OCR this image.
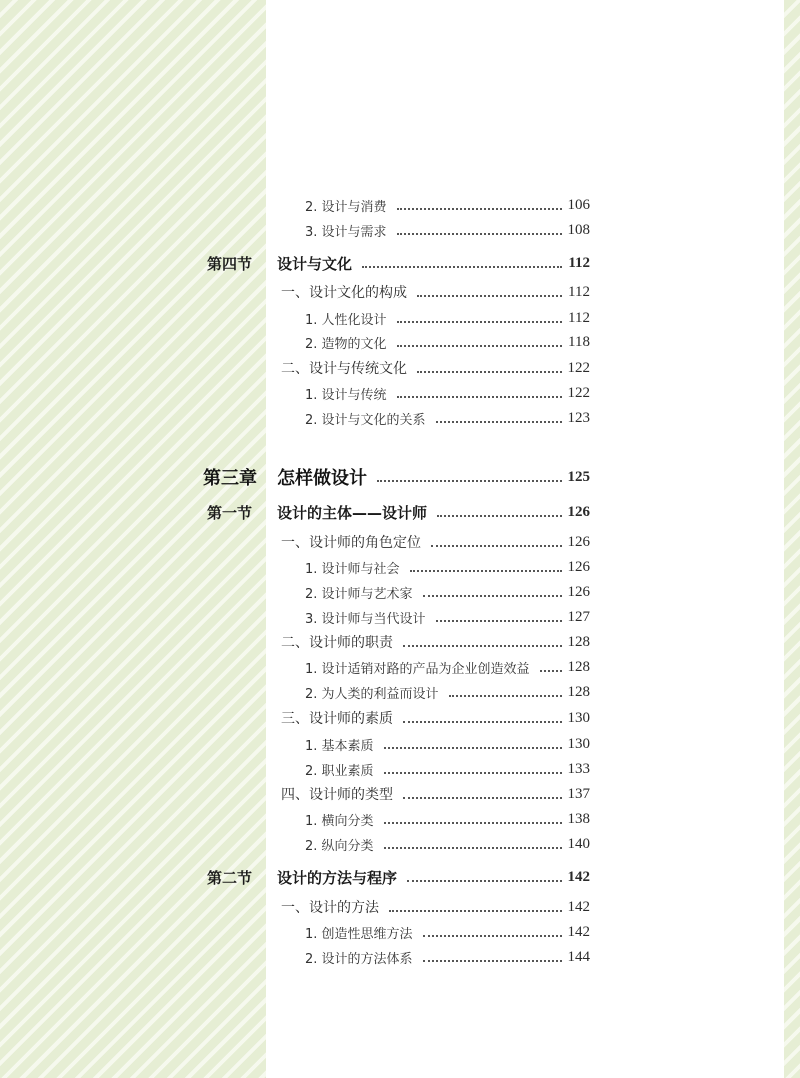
2. 设计与消费	106
3. 设计与需求	108
第四节	设计与文化	112
一、设计文化的构成	112
1. 人性化设计	112
2. 造物的文化	118
二、设计与传统文化	122
1. 设计与传统	122
2. 设计与文化的关系	123
第三章	怎样做设计	125
第一节	设计的主体——设计师	126
一、设计师的角色定位	126
1. 设计师与社会	126
2. 设计师与艺术家	126
3. 设计师与当代设计	127
二、设计师的职责	128
1. 设计适销对路的产品为企业创造效益	128
2. 为人类的利益而设计	128
三、设计师的素质	130
1. 基本素质	130
2. 职业素质	133
四、设计师的类型	137
1. 横向分类	138
2. 纵向分类	140
第二节	设计的方法与程序	142
一、设计的方法	142
1. 创造性思维方法	142
2. 设计的方法体系	144
